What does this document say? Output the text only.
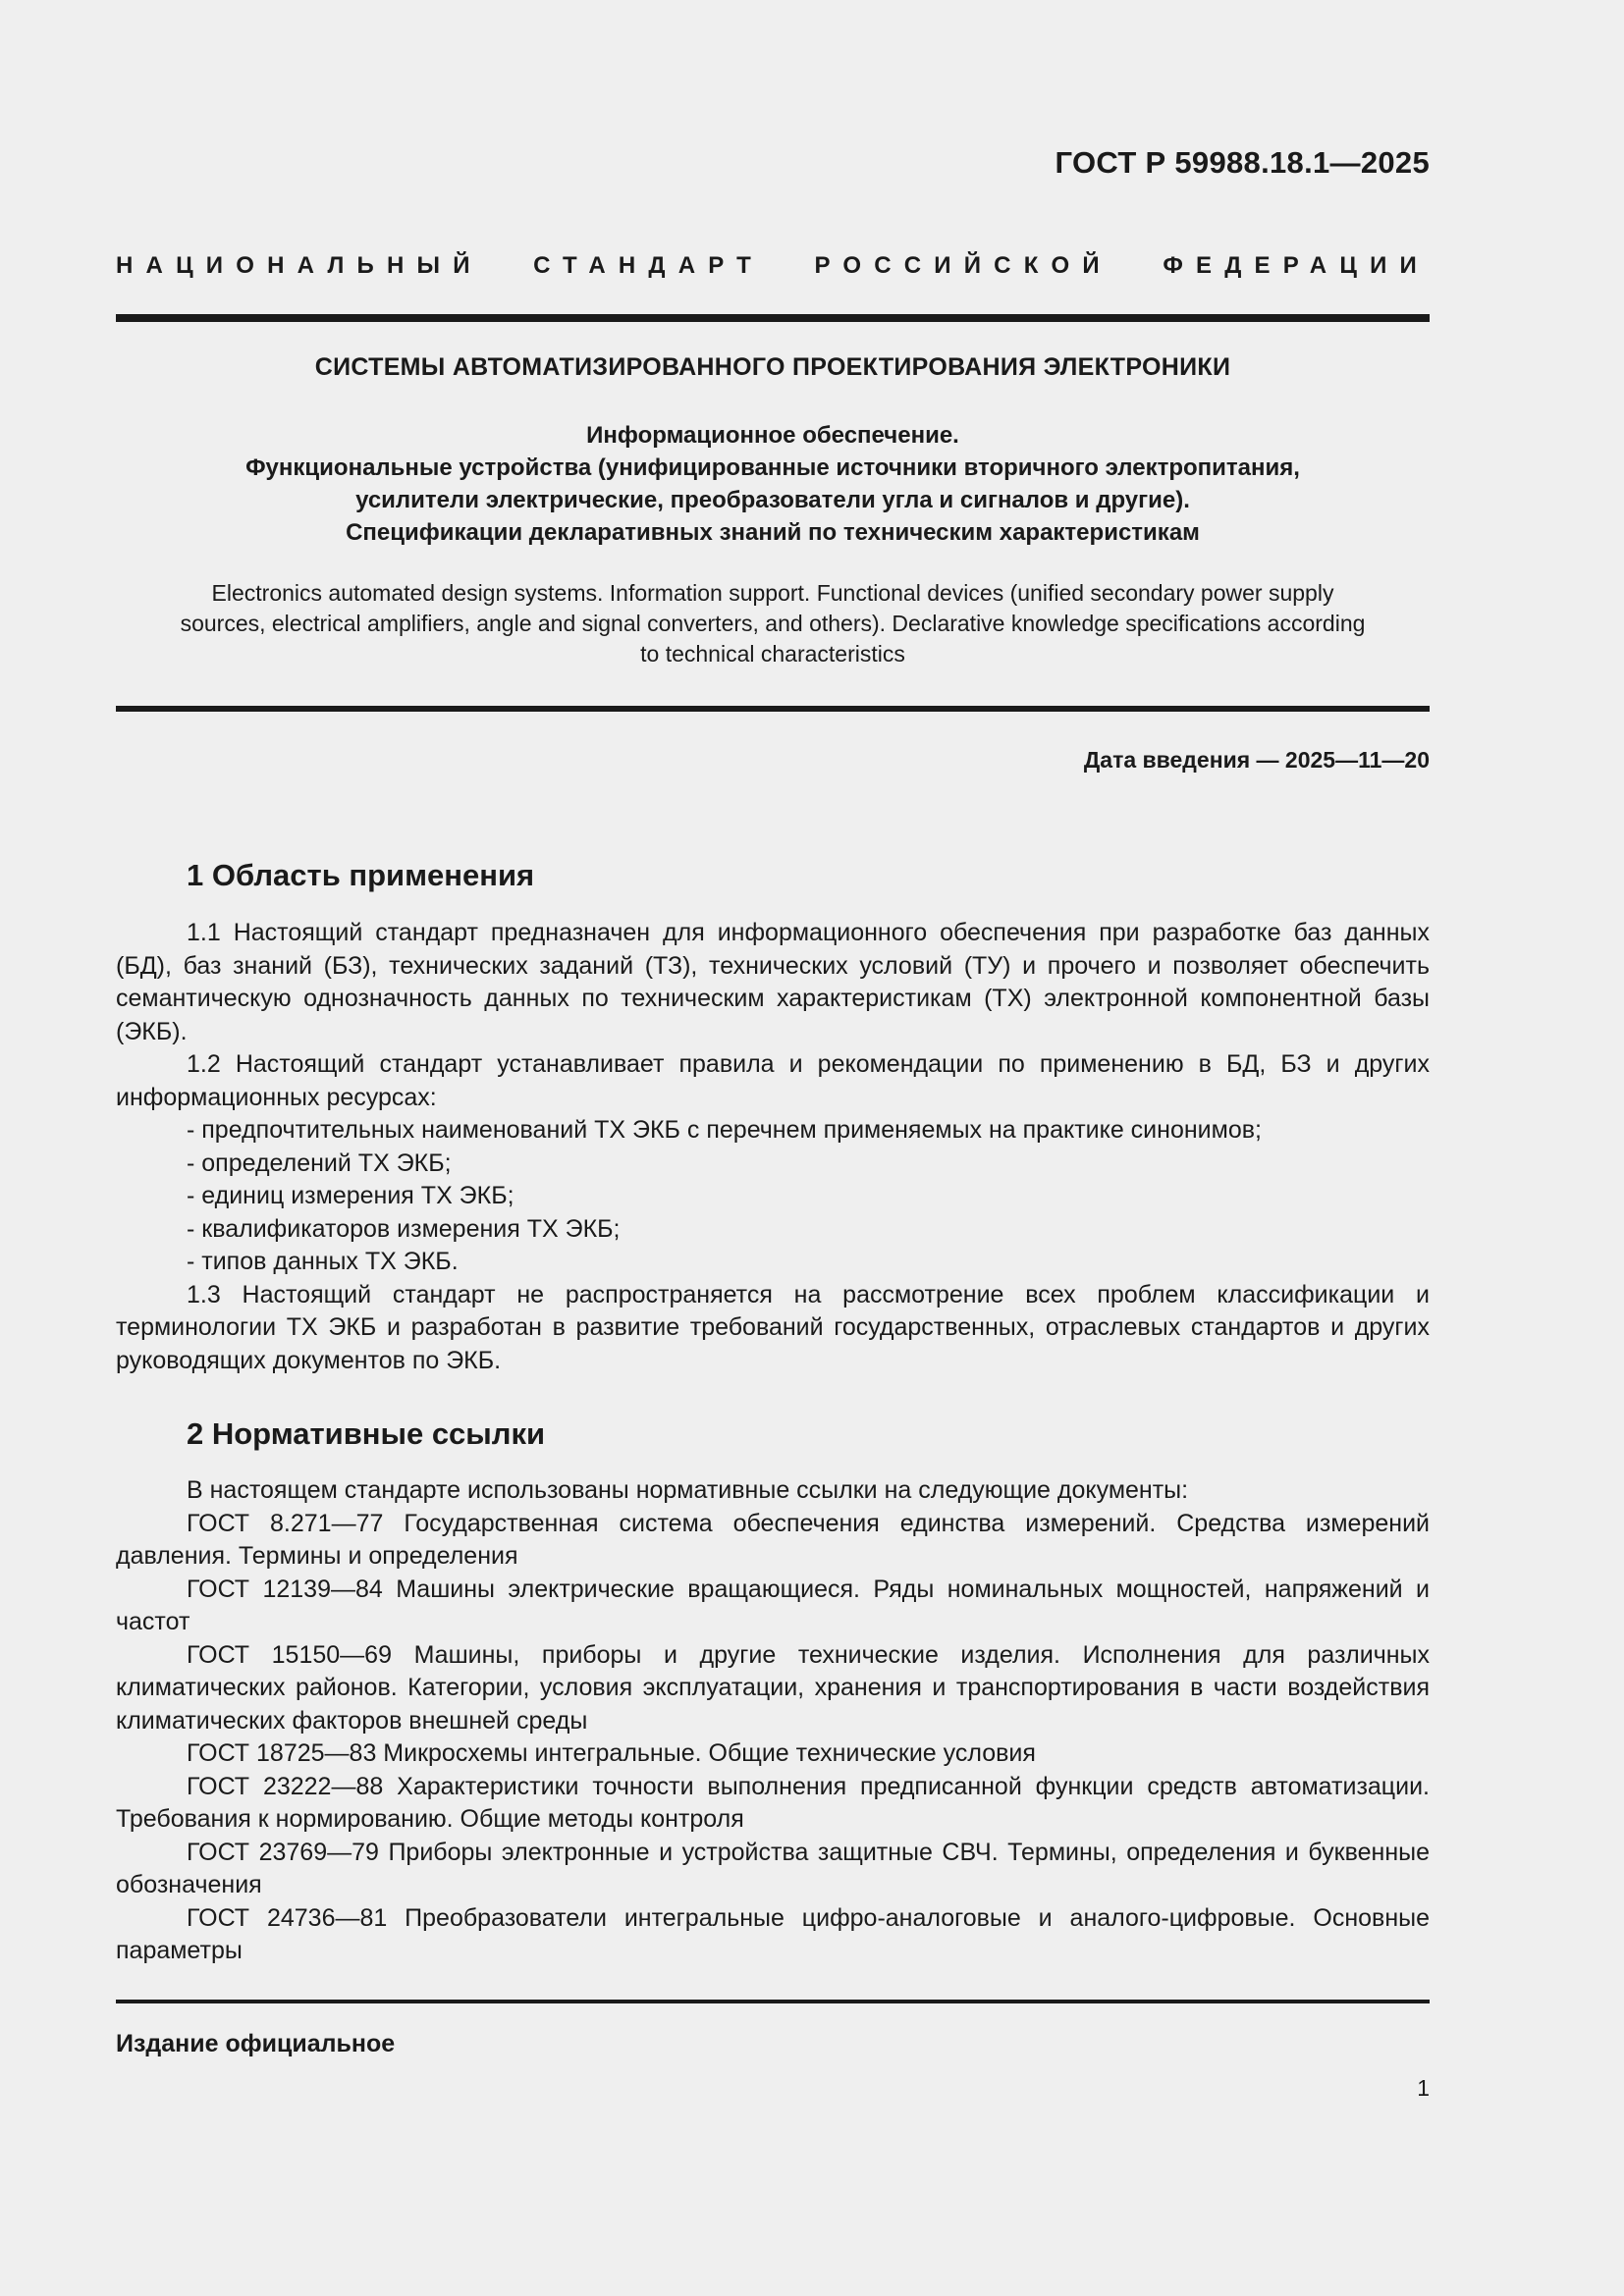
ГОСТ Р 59988.18.1—2025
НАЦИОНАЛЬНЫЙ СТАНДАРТ РОССИЙСКОЙ ФЕДЕРАЦИИ
СИСТЕМЫ АВТОМАТИЗИРОВАННОГО ПРОЕКТИРОВАНИЯ ЭЛЕКТРОНИКИ
Информационное обеспечение.
Функциональные устройства (унифицированные источники вторичного электропитания,
усилители электрические, преобразователи угла и сигналов и другие).
Спецификации декларативных знаний по техническим характеристикам
Electronics automated design systems. Information support. Functional devices (unified secondary power supply
sources, electrical amplifiers, angle and signal converters, and others). Declarative knowledge specifications according
to technical characteristics
Дата введения — 2025—11—20
1 Область применения

1.1 Настоящий стандарт предназначен для информационного обеспечения при разработке баз данных (БД), баз знаний (БЗ), технических заданий (ТЗ), технических условий (ТУ) и прочего и позволяет обеспечить семантическую однозначность данных по техническим характеристикам (ТХ) электронной компонентной базы (ЭКБ).

1.2 Настоящий стандарт устанавливает правила и рекомендации по применению в БД, БЗ и других информационных ресурсах:

- предпочтительных наименований ТХ ЭКБ с перечнем применяемых на практике синонимов;

- определений ТХ ЭКБ;

- единиц измерения ТХ ЭКБ;

- квалификаторов измерения ТХ ЭКБ;

- типов данных ТХ ЭКБ.

1.3 Настоящий стандарт не распространяется на рассмотрение всех проблем классификации и терминологии ТХ ЭКБ и разработан в развитие требований государственных, отраслевых стандартов и других руководящих документов по ЭКБ.

2 Нормативные ссылки

В настоящем стандарте использованы нормативные ссылки на следующие документы:

ГОСТ 8.271—77 Государственная система обеспечения единства измерений. Средства измерений давления. Термины и определения

ГОСТ 12139—84 Машины электрические вращающиеся. Ряды номинальных мощностей, напряжений и частот

ГОСТ 15150—69 Машины, приборы и другие технические изделия. Исполнения для различных климатических районов. Категории, условия эксплуатации, хранения и транспортирования в части воздействия климатических факторов внешней среды

ГОСТ 18725—83 Микросхемы интегральные. Общие технические условия

ГОСТ 23222—88 Характеристики точности выполнения предписанной функции средств автоматизации. Требования к нормированию. Общие методы контроля

ГОСТ 23769—79 Приборы электронные и устройства защитные СВЧ. Термины, определения и буквенные обозначения

ГОСТ 24736—81 Преобразователи интегральные цифро-аналоговые и аналого-цифровые. Основные параметры

Издание официальное
1
